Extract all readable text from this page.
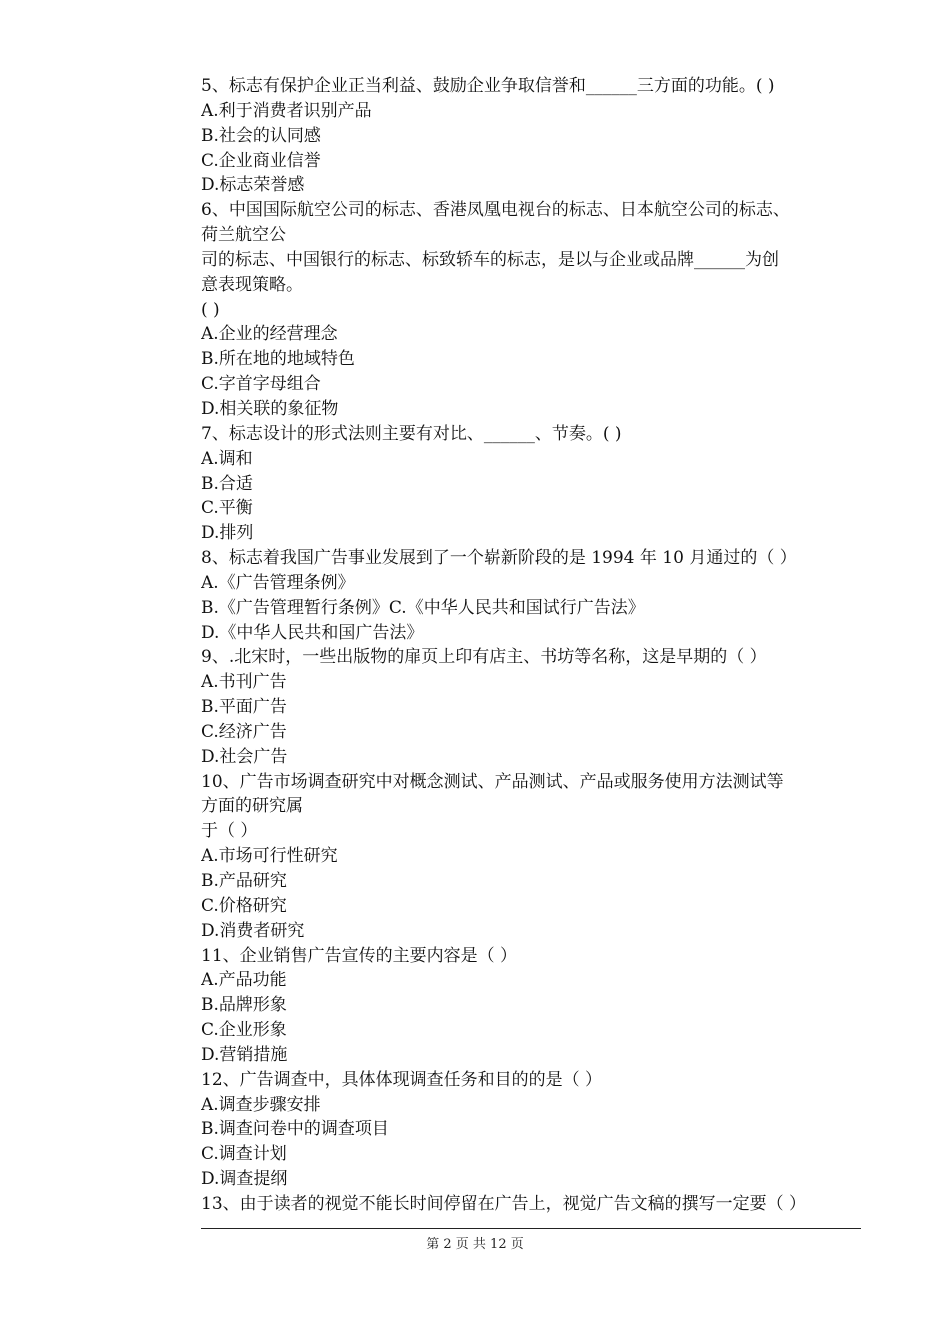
5、标志有保护企业正当利益、鼓励企业争取信誉和______三方面的功能。( )
A.利于消费者识别产品
B.社会的认同感
C.企业商业信誉
D.标志荣誉感
6、中国国际航空公司的标志、香港凤凰电视台的标志、日本航空公司的标志、
荷兰航空公
司的标志、中国银行的标志、标致轿车的标志，是以与企业或品牌______为创
意表现策略。
( )
A.企业的经营理念
B.所在地的地域特色
C.字首字母组合
D.相关联的象征物
7、标志设计的形式法则主要有对比、______、节奏。( )
A.调和
B.合适
C.平衡
D.排列
8、标志着我国广告事业发展到了一个崭新阶段的是 1994 年 10 月通过的（ ）
A.《广告管理条例》
B.《广告管理暂行条例》C.《中华人民共和国试行广告法》
D.《中华人民共和国广告法》
9、.北宋时，一些出版物的扉页上印有店主、书坊等名称，这是早期的（ ）
A.书刊广告
B.平面广告
C.经济广告
D.社会广告
10、广告市场调查研究中对概念测试、产品测试、产品或服务使用方法测试等
方面的研究属
于（ ）
A.市场可行性研究
B.产品研究
C.价格研究
D.消费者研究
11、企业销售广告宣传的主要内容是（ ）
A.产品功能
B.品牌形象
C.企业形象
D.营销措施
12、广告调查中，具体体现调查任务和目的的是（ ）
A.调查步骤安排
B.调查问卷中的调查项目
C.调查计划
D.调查提纲
13、由于读者的视觉不能长时间停留在广告上，视觉广告文稿的撰写一定要（ ）
第 2 页 共 12 页
